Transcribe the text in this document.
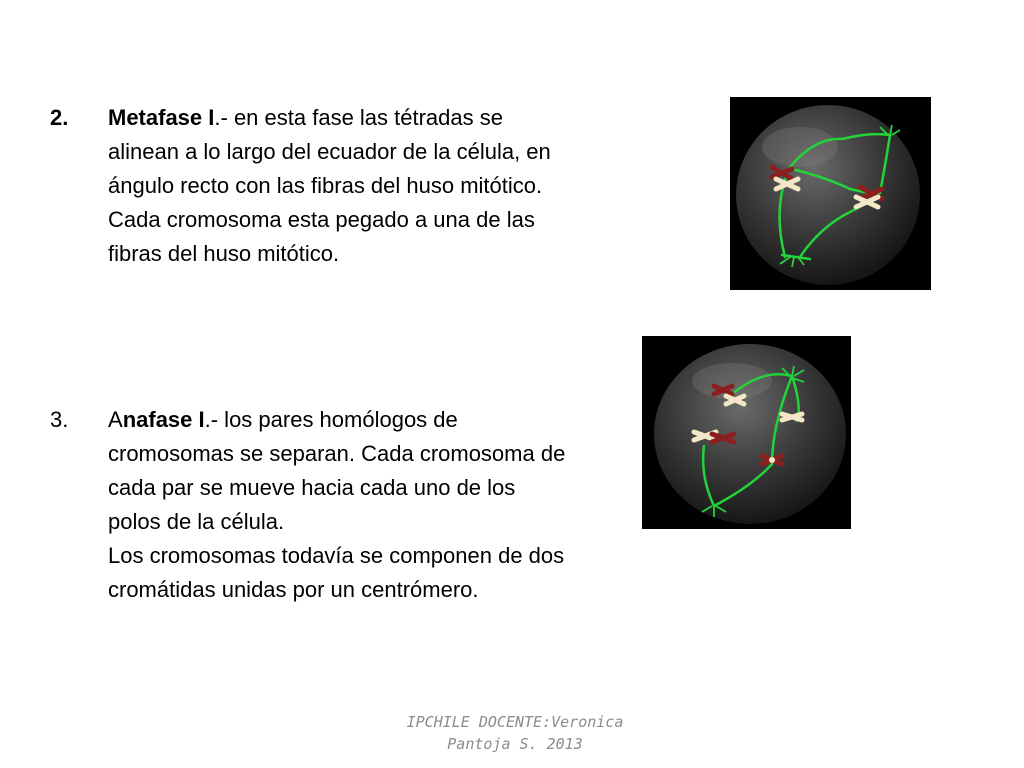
2. Metafase I.- en esta fase las tétradas se
alinean a lo largo del ecuador de la célula, en
ángulo recto con las fibras del huso mitótico.
Cada cromosoma esta pegado a una de las
fibras del huso mitótico.
3. Anafase I.- los pares homólogos de
cromosomas se separan. Cada cromosoma de
cada par se mueve hacia cada uno de los
polos de la célula.
Los cromosomas todavía se componen de dos
cromátidas unidas por un centrómero.
IPCHILE DOCENTE:Veronica
Pantoja S. 2013
